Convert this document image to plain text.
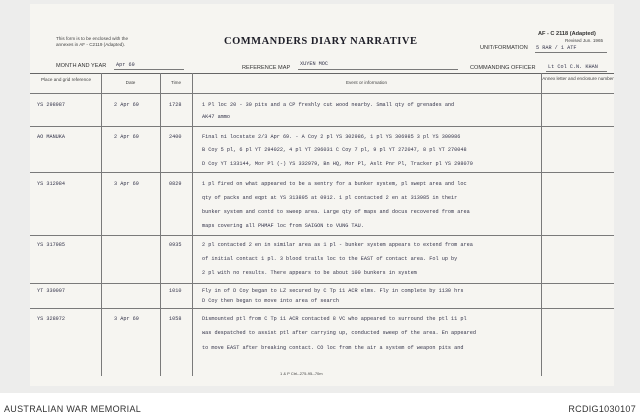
This form is to be enclosed with the
annexes in AF - C2119 (Adapted).	COMMANDERS DIARY NARRATIVE
AF - C 2118 (Adapted)
Revised Jun. 1965
UNIT/FORMATION 5 RAR / 1 ATF
MONTH AND YEAR Apr 69	REFERENCE MAP
XUYEN MOC
COMMANDING OFFICER Lt Col C.N. KHAN
Place and grid reference
Date	Time	Event or information
Annex letter and enclosure number
YS 298987	2 Apr 69	1728	1 Pl loc 20 - 30 pits and a CP freshly cut wood nearby. Small qty of grenades and
AK47 ammo
AO MANUKA	2 Apr 69	2400	Final ni locstate 2/3 Apr 69. - A Coy 2 pl YS 302986, 1 pl YS 306985 3 pl YS 300986
B Coy 5 pl, 6 pl YT 294022, 4 pl YT 296031 C Coy 7 pl, 9 pl YT 272047, 8 pl YT 270048
D Coy YT 133144, Mor Pl (-) YS 332979, Bn HQ, Mor Pl, Aslt Pnr Pl, Tracker pl YS 298070
YS 312984	3 Apr 69	0829	1 pl fired on what appeared to be a sentry for a bunker system, pl swept area and loc
qty of packs and eqpt at YS 313895 at 0912. 1 pl contacted 2 en at 313985 in their
bunker system and contd to sweep area. Large qty of maps and docus recovered from area
maps covering all PHMAF loc from SAIGON to VUNG TAU.
YS 317985	0935	2 pl contacted 2 en in similar area as 1 pl - bunker system appears to extend from area
of initial contact 1 pl. 3 blood trails loc to the EAST of contact area. Fol up by
2 pl with no results. There appears to be about 100 bunkers in system
YT 330007	1010	Fly in of D Coy began to LZ secured by C Tp 11 ACR elms. Fly in complete by 1130 hrs
D Coy then began to move into area of search
YS 328972	3 Apr 69	1058	Dismounted ptl from C Tp 11 ACR contacted 8 VC who appeared to surround the ptl 11 pl
was despatched to assist ptl after carrying up, conducted sweep of the area. En appeared
to move EAST after breaking contact. CO loc from the air a system of weapon pits and
1 & P Ctrl--275-95--70m
AUSTRALIAN WAR MEMORIAL	RCDIG1030107
